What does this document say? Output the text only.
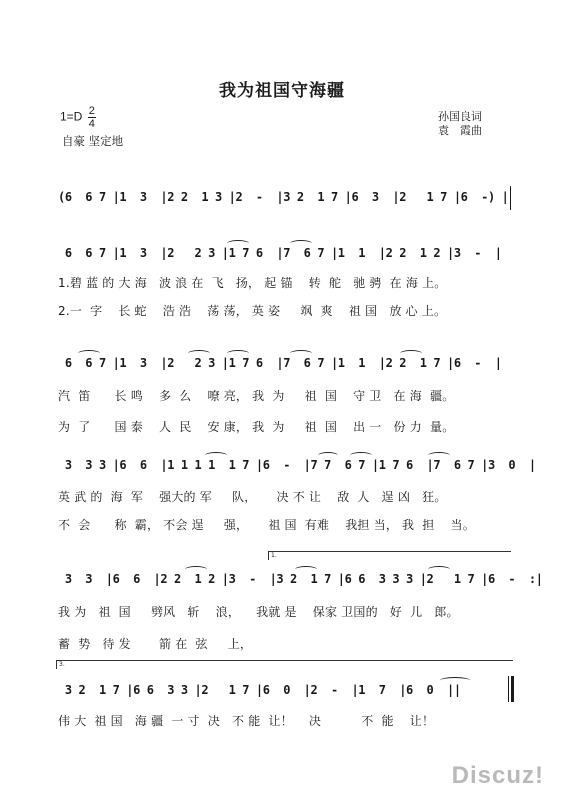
我为祖国守海疆
$1=D \frac{2}{4}$
自豪 坚定地
孙国良词
袁　霞曲
(6  6 7 |1  3  |2 2  1 3 |2  -  |3 2  1 7 |6  3  |2   1 7 |6  -) |
6  6 7 |1  3  |2   2 3 |1 7 6  |7  6 7 |1  1  |2 2  1 2 |3  -  |
1.碧 蓝 的 大 海   波 浪 在  飞   扬， 起 锚    转  舵   驰 骋  在 海 上。
2.一  字    长 蛇    浩 浩    荡 荡， 英 姿     飒  爽    祖 国   放 心 上。
6  6 7 |1  3  |2   2 3 |1 7 6  |7  6 7 |1  1  |2 2  1 7 |6  -  |
汽  笛      长 鸣    多  么    嘹 亮， 我  为     祖  国    守 卫   在 海  疆。
为  了      国 泰    人  民    安 康， 我  为     祖  国    出 一   份 力  量。
3  3 3 |6  6  |1 1 1 1  1 7 |6  -  |7 7  6 7 |1 7 6  |7  6 7 |3  0  |
英 武 的  海  军    强大的 军     队，     决 不 让    敌  人   逞 凶   狂。
不  会      称  霸， 不会 逞     强，     祖 国  有难    我担 当， 我  担    当。
1.
3  3  |6  6  |2 2  1 2 |3  -  |3 2  1 7 |6 6  3 3 3 |2   1 7 |6  -  :|
我 为   祖  国     劈风   斩    浪，    我就 是    保家 卫国的   好  儿   郎。
蓄  势   待 发       箭 在  弦     上，
3.
3 2  1 7 |6 6  3 3 |2   1 7 |6  0  |2  -  |1  7  |6  0  ||
伟 大  祖 国   海 疆  一 寸  决   不 能  让！    决          不  能    让！
Discuz!
